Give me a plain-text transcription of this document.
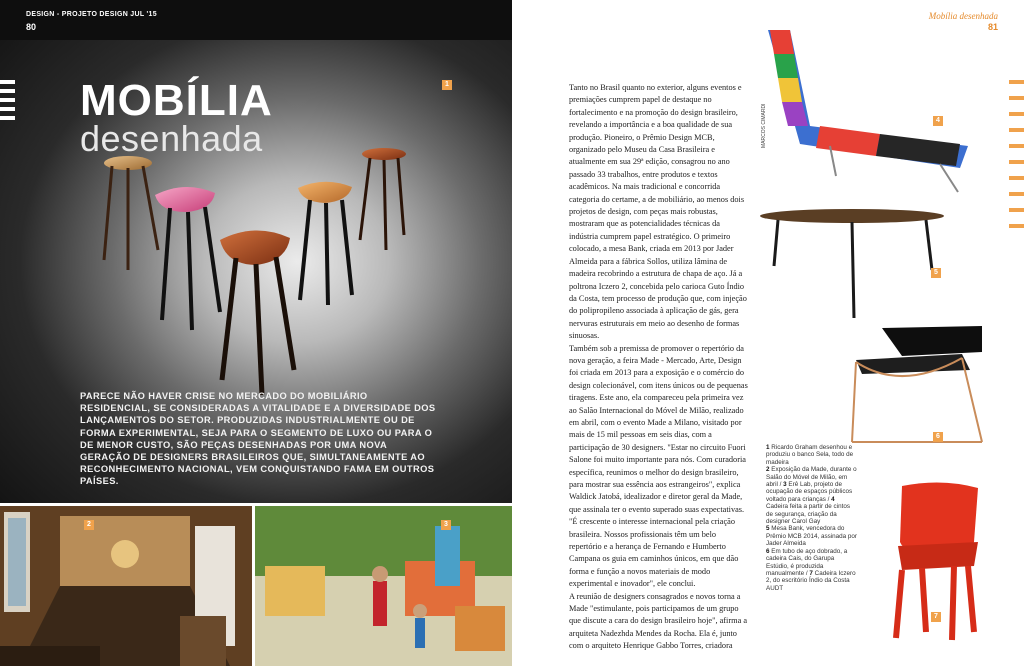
DESIGN - PROJETO DESIGN JUL '15
80
MOBÍLIA
desenhada
1
PARECE NÃO HAVER CRISE NO MERCADO DO MOBILIÁRIO RESIDENCIAL, SE CONSIDERADAS A VITALIDADE E A DIVERSIDADE DOS LANÇAMENTOS DO SETOR. PRODUZIDAS INDUSTRIALMENTE OU DE FORMA EXPERIMENTAL, SEJA PARA O SEGMENTO DE LUXO OU PARA O DE MENOR CUSTO, SÃO PEÇAS DESENHADAS POR UMA NOVA GERAÇÃO DE DESIGNERS BRASILEIROS QUE, SIMULTANEAMENTE AO RECONHECIMENTO NACIONAL, VEM CONQUISTANDO FAMA EM OUTROS PAÍSES.
2	3
Mobília desenhada
81

Tanto no Brasil quanto no exterior, alguns eventos e premiações cumprem papel de destaque no fortalecimento e na promoção do design brasileiro, revelando a importância e a boa qualidade de sua produção. Pioneiro, o Prêmio Design MCB, organizado pelo Museu da Casa Brasileira e atualmente em sua 29ª edição, consagrou no ano passado 33 trabalhos, entre produtos e textos acadêmicos. Na mais tradicional e concorrida categoria do certame, a de mobiliário, ao menos dois projetos de design, com peças mais robustas, mostraram que as potencialidades técnicas da indústria cumprem papel estratégico. O primeiro colocado, a mesa Bank, criada em 2013 por Jader Almeida para a fábrica Sollos, utiliza lâmina de madeira recobrindo a estrutura de chapa de aço. Já a poltrona Iczero 2, concebida pelo carioca Guto Índio da Costa, tem processo de produção que, com injeção do polipropileno associada à aplicação de gás, gera nervuras estruturais em meio ao desenho de formas sinuosas.

Também sob a premissa de promover o repertório da nova geração, a feira Made - Mercado, Arte, Design foi criada em 2013 para a exposição e o comércio do design colecionável, com itens únicos ou de pequenas tiragens. Este ano, ela compareceu pela primeira vez ao Salão Internacional do Móvel de Milão, realizado em abril, com o evento Made a Milano, visitado por mais de 15 mil pessoas em seis dias, com a participação de 30 designers. "Estar no circuito Fuori Salone foi muito importante para nós. Com curadoria específica, reunimos o melhor do design brasileiro, para mostrar sua essência aos estrangeiros", explica Waldick Jatobá, idealizador e diretor geral da Made, que assinala ter o evento superado suas expectativas. "É crescente o interesse internacional pela criação brasileira. Nossos profissionais têm um belo repertório e a herança de Fernando e Humberto Campana os guia em caminhos únicos, em que dão forma e função a novos materiais de modo experimental e inovador", ele conclui.

A reunião de designers consagrados e novos torna a Made "estimulante, pois participamos de um grupo que discute a cara do design brasileiro hoje", afirma a arquiteta Nadezhda Mendes da Rocha. Ela é, junto com o arquiteto Henrique Gabbo Torres, criadora

MARCOS CIMARDI	4
5
6
7
1 Ricardo Graham desenhou e produziu o banco Sela, todo de madeira
2 Exposição da Made, durante o Salão do Móvel de Milão, em abril / 3 Erê Lab, projeto de ocupação de espaços públicos voltado para crianças / 4 Cadeira feita a partir de cintos de segurança, criação da designer Carol Gay
5 Mesa Bank, vencedora do Prêmio MCB 2014, assinada por Jader Almeida
6 Em tubo de aço dobrado, a cadeira Cais, do Garupa Estúdio, é produzida manualmente / 7 Cadeira Iczero 2, do escritório Índio da Costa AUDT
